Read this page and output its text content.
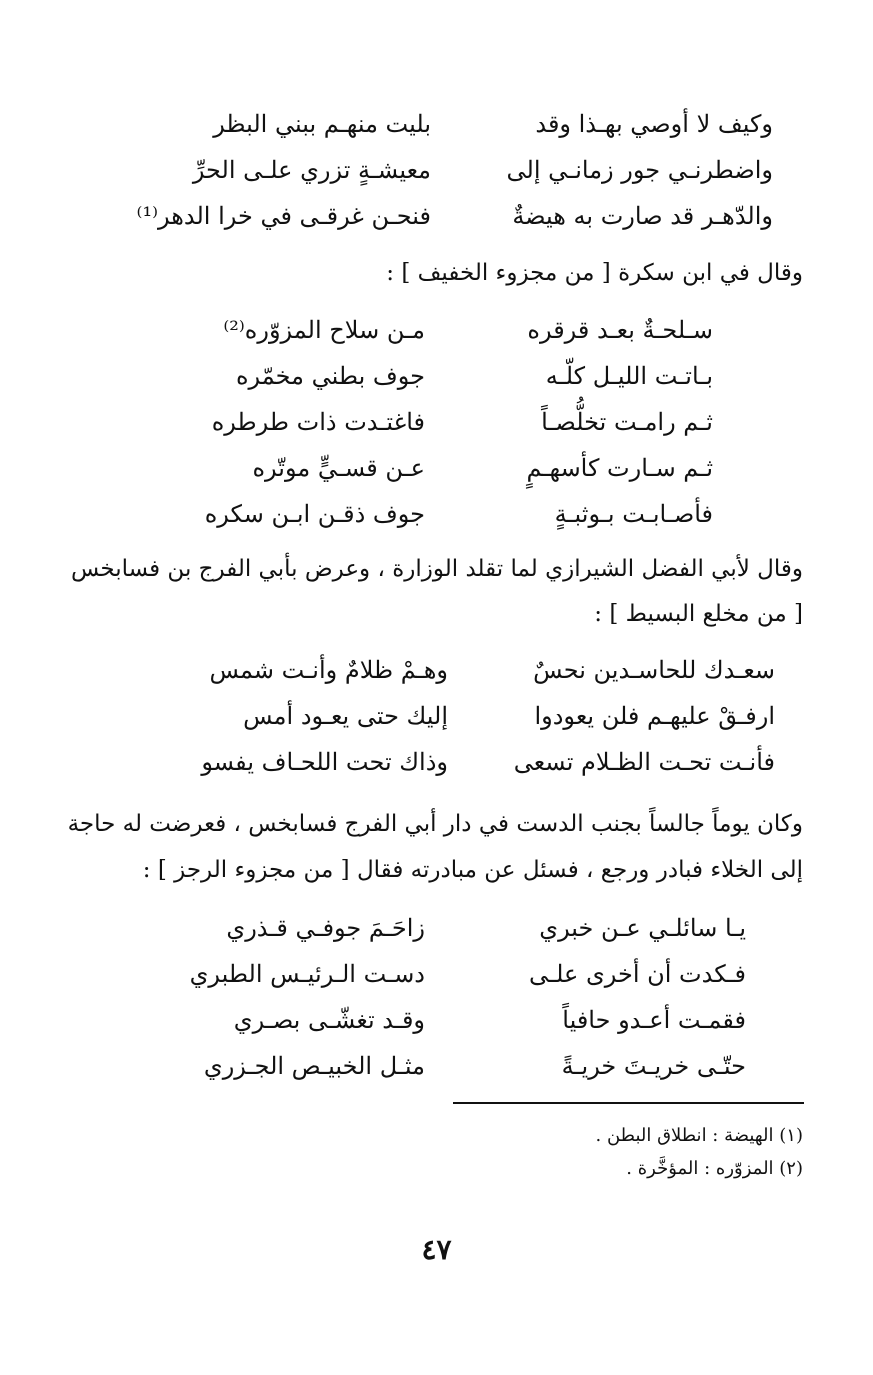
وكيف لا أوصي بهـذا وقد
بليت منهـم ببني البظر
واضطرنـي جور زمانـي إلى
معيشـةٍ تزري علـى الحرِّ
والدّهـر قد صارت به هيضةٌ
فنحـن غرقـى في خرا الدهر⁽¹⁾
وقال في ابن سكرة [ من مجزوء الخفيف ] :
سـلحـةٌ بعـد قرقره
مـن سلاح المزوّره⁽²⁾
بـاتـت الليـل كلّـه
جوف بطني مخمّره
ثـم رامـت تخلُّصـاً
فاغتـدت ذات طرطره
ثـم سـارت كأسهـمٍ
عـن قسـيٍّ موتّره
فأصـابـت بـوثبـةٍ
جوف ذقـن ابـن سكره
وقال لأبي الفضل الشيرازي لما تقلد الوزارة ، وعرض بأبي الفرج بن فسابخس
[ من مخلع البسيط ] :
سعـدك للحاسـدين نحسٌ
وهـمْ ظلامٌ وأنـت شمس
ارفـقْ عليهـم فلن يعودوا
إليك حتى يعـود أمس
فأنـت تحـت الظـلام تسعى
وذاك تحت اللحـاف يفسو
وكان يوماً جالساً بجنب الدست في دار أبي الفرج فسابخس ، فعرضت له حاجة
إلى الخلاء فبادر ورجع ، فسئل عن مبادرته فقال [ من مجزوء الرجز ] :
يـا سائلـي عـن خبري
زاحَـمَ جوفـي قـذري
فـكدت أن أخرى علـى
دسـت الـرئيـس الطبري
فقمـت أعـدو حافياً
وقـد تغشّـى بصـري
حتّـى خريـتَ خريـةً
مثـل الخبيـص الجـزري
(١) الهيضة : انطلاق البطن .
(٢) المزوّره : المؤخَّرة .
٤٧
